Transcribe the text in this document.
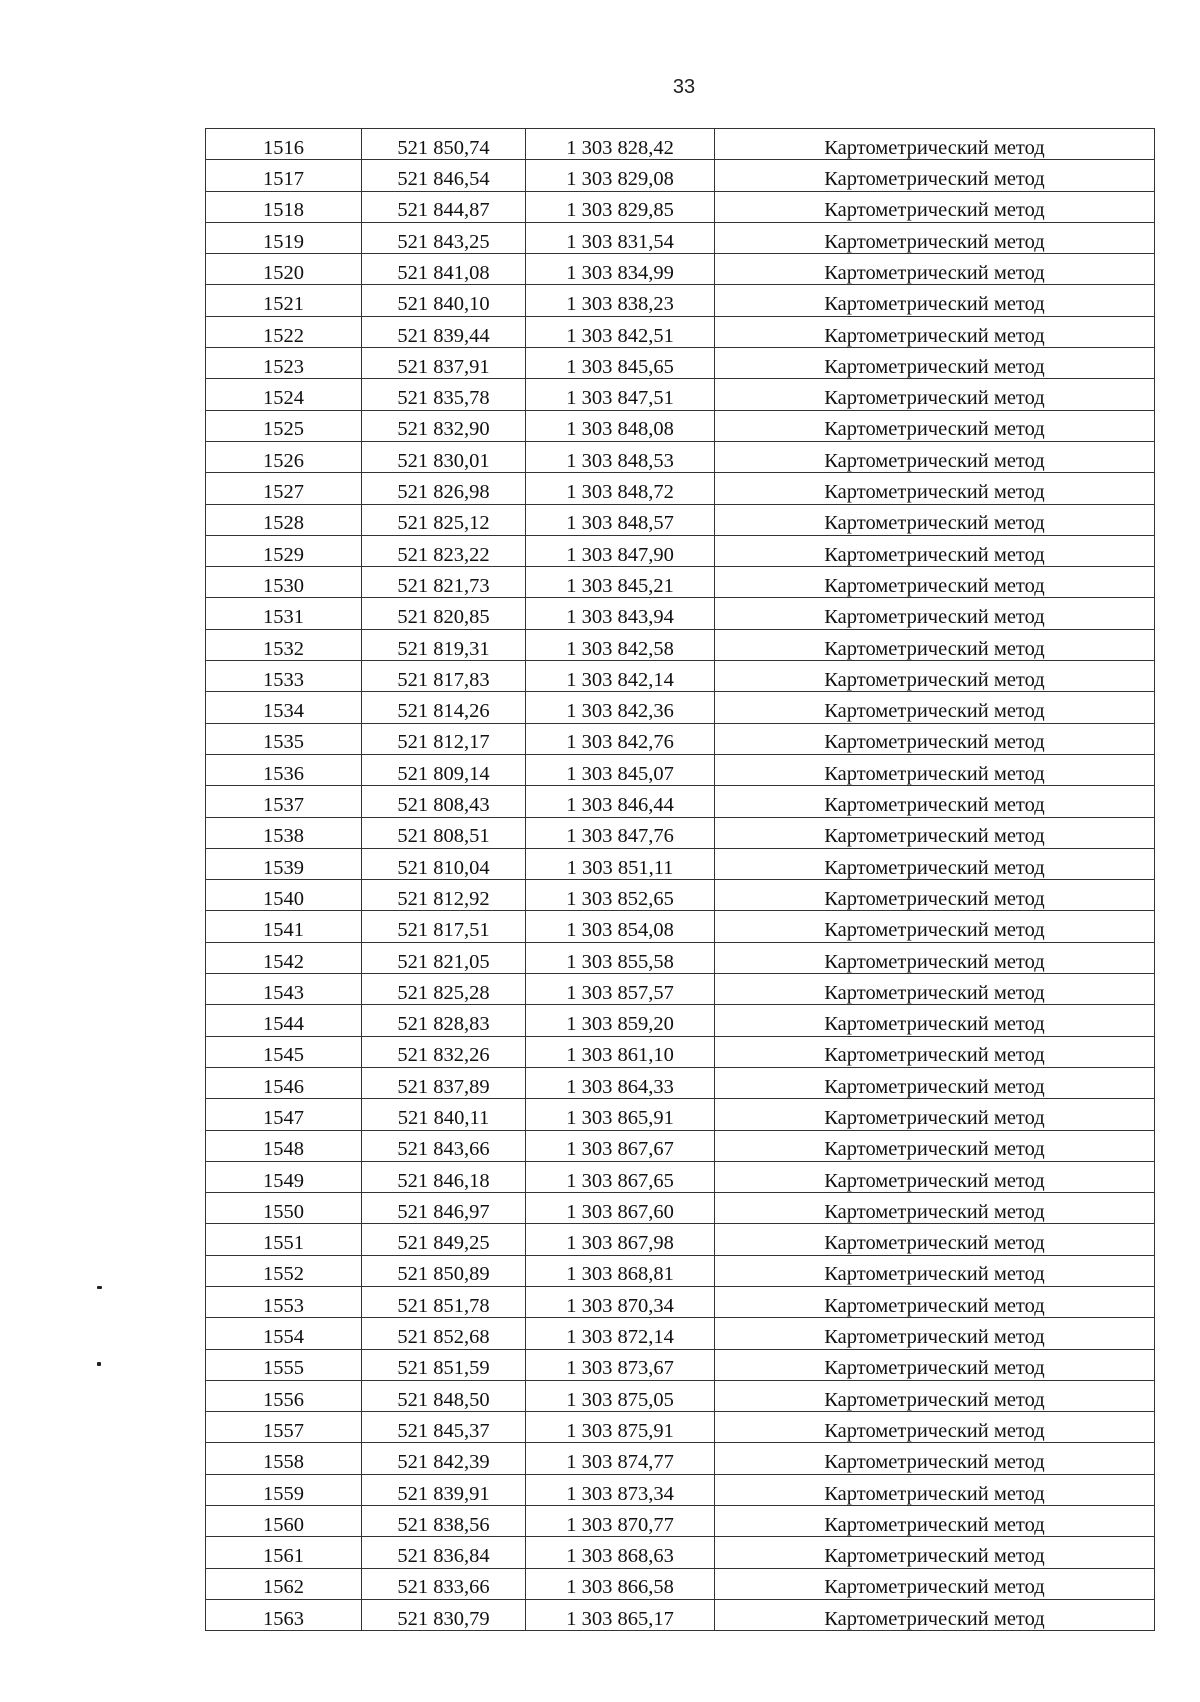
33
1516	521 850,74	1 303 828,42	Картометрический метод
1517	521 846,54	1 303 829,08	Картометрический метод
1518	521 844,87	1 303 829,85	Картометрический метод
1519	521 843,25	1 303 831,54	Картометрический метод
1520	521 841,08	1 303 834,99	Картометрический метод
1521	521 840,10	1 303 838,23	Картометрический метод
1522	521 839,44	1 303 842,51	Картометрический метод
1523	521 837,91	1 303 845,65	Картометрический метод
1524	521 835,78	1 303 847,51	Картометрический метод
1525	521 832,90	1 303 848,08	Картометрический метод
1526	521 830,01	1 303 848,53	Картометрический метод
1527	521 826,98	1 303 848,72	Картометрический метод
1528	521 825,12	1 303 848,57	Картометрический метод
1529	521 823,22	1 303 847,90	Картометрический метод
1530	521 821,73	1 303 845,21	Картометрический метод
1531	521 820,85	1 303 843,94	Картометрический метод
1532	521 819,31	1 303 842,58	Картометрический метод
1533	521 817,83	1 303 842,14	Картометрический метод
1534	521 814,26	1 303 842,36	Картометрический метод
1535	521 812,17	1 303 842,76	Картометрический метод
1536	521 809,14	1 303 845,07	Картометрический метод
1537	521 808,43	1 303 846,44	Картометрический метод
1538	521 808,51	1 303 847,76	Картометрический метод
1539	521 810,04	1 303 851,11	Картометрический метод
1540	521 812,92	1 303 852,65	Картометрический метод
1541	521 817,51	1 303 854,08	Картометрический метод
1542	521 821,05	1 303 855,58	Картометрический метод
1543	521 825,28	1 303 857,57	Картометрический метод
1544	521 828,83	1 303 859,20	Картометрический метод
1545	521 832,26	1 303 861,10	Картометрический метод
1546	521 837,89	1 303 864,33	Картометрический метод
1547	521 840,11	1 303 865,91	Картометрический метод
1548	521 843,66	1 303 867,67	Картометрический метод
1549	521 846,18	1 303 867,65	Картометрический метод
1550	521 846,97	1 303 867,60	Картометрический метод
1551	521 849,25	1 303 867,98	Картометрический метод
1552	521 850,89	1 303 868,81	Картометрический метод
1553	521 851,78	1 303 870,34	Картометрический метод
1554	521 852,68	1 303 872,14	Картометрический метод
1555	521 851,59	1 303 873,67	Картометрический метод
1556	521 848,50	1 303 875,05	Картометрический метод
1557	521 845,37	1 303 875,91	Картометрический метод
1558	521 842,39	1 303 874,77	Картометрический метод
1559	521 839,91	1 303 873,34	Картометрический метод
1560	521 838,56	1 303 870,77	Картометрический метод
1561	521 836,84	1 303 868,63	Картометрический метод
1562	521 833,66	1 303 866,58	Картометрический метод
1563	521 830,79	1 303 865,17	Картометрический метод
